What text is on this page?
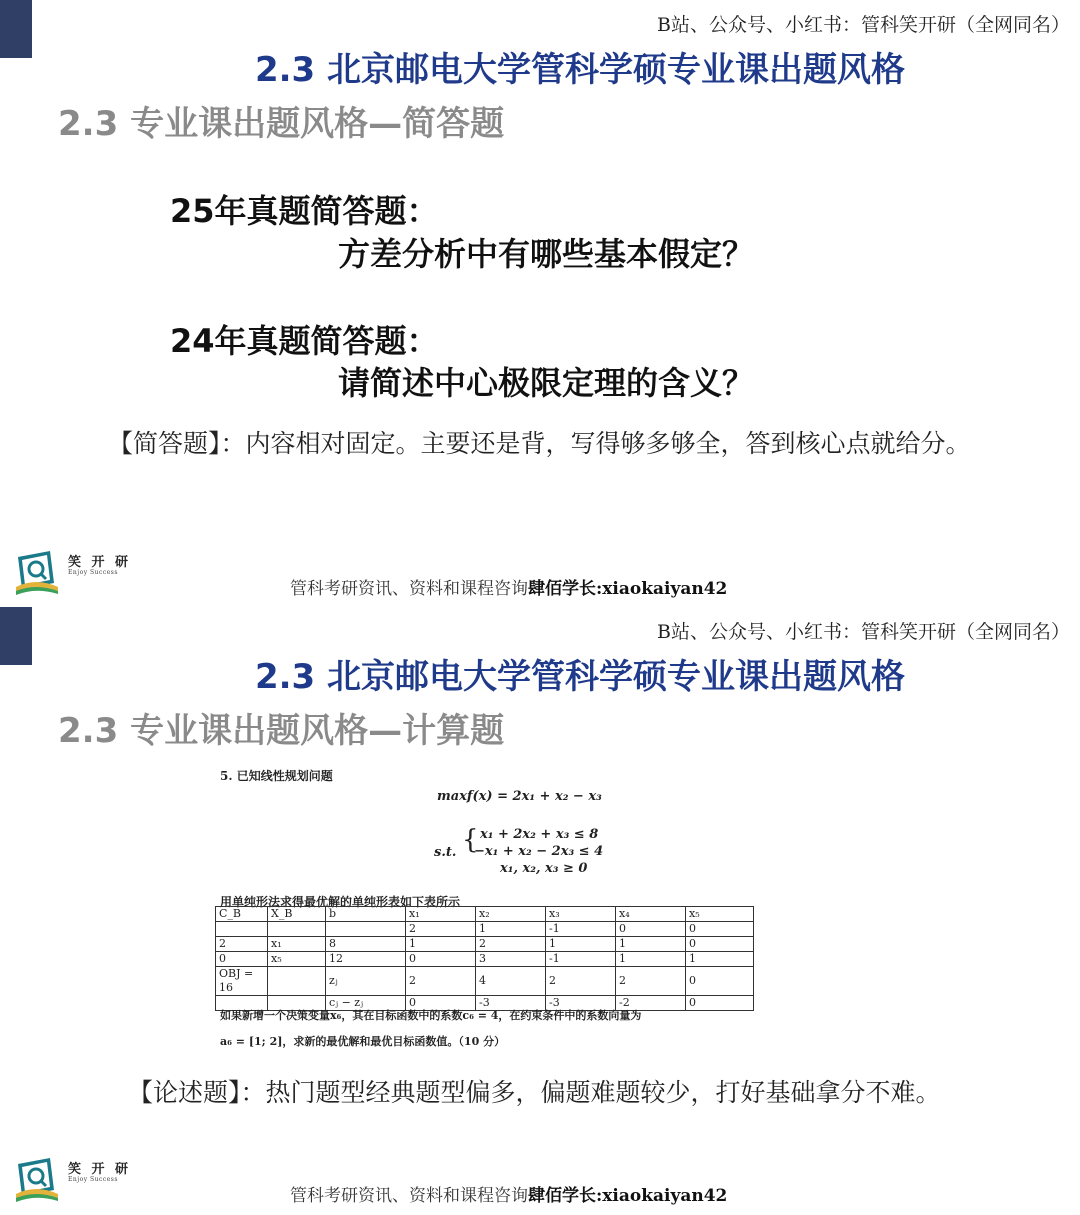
B站、公众号、小红书：管科笑开研（全网同名）
2.3 北京邮电大学管科学硕专业课出题风格
2.3 专业课出题风格—简答题
25年真题简答题：
方差分析中有哪些基本假定？
24年真题简答题：
请简述中心极限定理的含义？
【简答题】：内容相对固定。主要还是背，写得够多够全，答到核心点就给分。
笑 开 研
Enjoy Success
管科考研资讯、资料和课程咨询肆佰学长:xiaokaiyan42
B站、公众号、小红书：管科笑开研（全网同名）
2.3 北京邮电大学管科学硕专业课出题风格
2.3 专业课出题风格—计算题
5. 已知线性规划问题
maxf(x) = 2x₁ + x₂ − x₃
s.t. { x₁ + 2x₂ + x₃ ≤ 8
−x₁ + x₂ − 2x₃ ≤ 4
x₁, x₂, x₃ ≥ 0
用单纯形法求得最优解的单纯形表如下表所示
C_B	X_B	b	x₁	x₂	x₃	x₄	x₅
			2	1	-1	0	0
2	x₁	8	1	2	1	1	0
0	x₅	12	0	3	-1	1	1
OBJ = 16		zⱼ	2	4	2	2	0
		cⱼ − zⱼ	0	-3	-3	-2	0
如果新增一个决策变量x₆，其在目标函数中的系数c₆ = 4，在约束条件中的系数向量为
a₆ = [1; 2]，求新的最优解和最优目标函数值。（10 分）
【论述题】：热门题型经典题型偏多，偏题难题较少，打好基础拿分不难。
笑 开 研
Enjoy Success
管科考研资讯、资料和课程咨询肆佰学长:xiaokaiyan42
